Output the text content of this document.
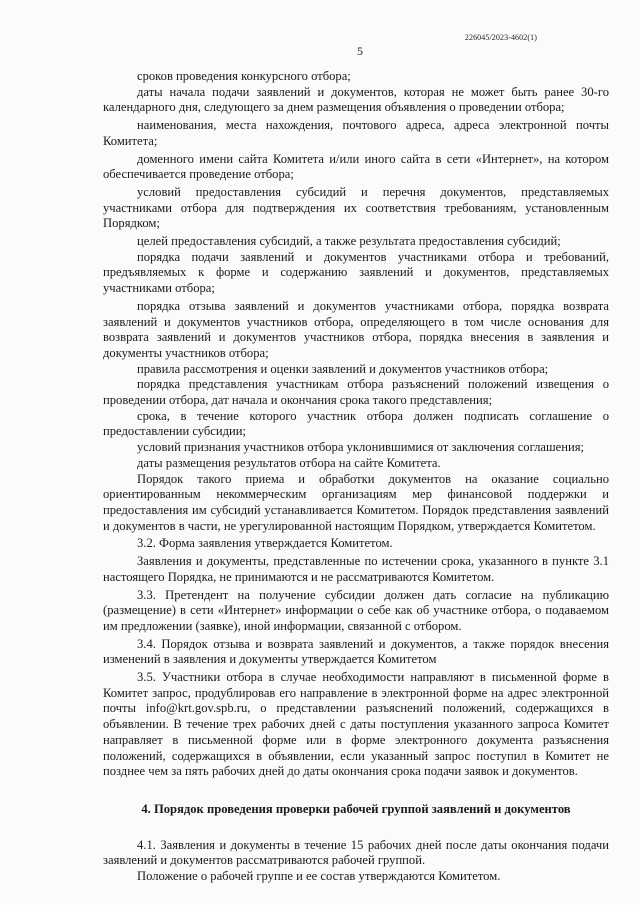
226045/2023-4602(1)
5

сроков проведения конкурсного отбора;

даты начала подачи заявлений и документов, которая не может быть ранее 30-го календарного дня, следующего за днем размещения объявления о проведении отбора;

наименования, места нахождения, почтового адреса, адреса электронной почты Комитета;

доменного имени сайта Комитета и/или иного сайта в сети «Интернет», на котором обеспечивается проведение отбора;

условий предоставления субсидий и перечня документов, представляемых участниками отбора для подтверждения их соответствия требованиям, установленным Порядком;

целей предоставления субсидий, а также результата предоставления субсидий;

порядка подачи заявлений и документов участниками отбора и требований, предъявляемых к форме и содержанию заявлений и документов, представляемых участниками отбора;

порядка отзыва заявлений и документов участниками отбора, порядка возврата заявлений и документов участников отбора, определяющего в том числе основания для возврата заявлений и документов участников отбора, порядка внесения в заявления и документы участников отбора;

правила рассмотрения и оценки заявлений и документов участников отбора;

порядка представления участникам отбора разъяснений положений извещения о проведении отбора, дат начала и окончания срока такого представления;

срока, в течение которого участник отбора должен подписать соглашение о предоставлении субсидии;

условий признания участников отбора уклонившимися от заключения соглашения;

даты размещения результатов отбора на сайте Комитета.

Порядок такого приема и обработки документов на оказание социально ориентированным некоммерческим организациям мер финансовой поддержки и предоставления им субсидий устанавливается Комитетом. Порядок представления заявлений и документов в части, не урегулированной настоящим Порядком, утверждается Комитетом.

3.2. Форма заявления утверждается Комитетом.

Заявления и документы, представленные по истечении срока, указанного в пункте 3.1 настоящего Порядка, не принимаются и не рассматриваются Комитетом.

3.3. Претендент на получение субсидии должен дать согласие на публикацию (размещение) в сети «Интернет» информации о себе как об участнике отбора, о подаваемом им предложении (заявке), иной информации, связанной с отбором.

3.4. Порядок отзыва и возврата заявлений и документов, а также порядок внесения изменений в заявления и документы утверждается Комитетом

3.5. Участники отбора в случае необходимости направляют в письменной форме в Комитет запрос, продублировав его направление в электронной форме на адрес электронной почты info@krt.gov.spb.ru, о представлении разъяснений положений, содержащихся в объявлении. В течение трех рабочих дней с даты поступления указанного запроса Комитет направляет в письменной форме или в форме электронного документа разъяснения положений, содержащихся в объявлении, если указанный запрос поступил в Комитет не позднее чем за пять рабочих дней до даты окончания срока подачи заявок и документов.

4. Порядок проведения проверки рабочей группой заявлений и документов

4.1. Заявления и документы в течение 15 рабочих дней после даты окончания подачи заявлений и документов рассматриваются рабочей группой.

Положение о рабочей группе и ее состав утверждаются Комитетом.
